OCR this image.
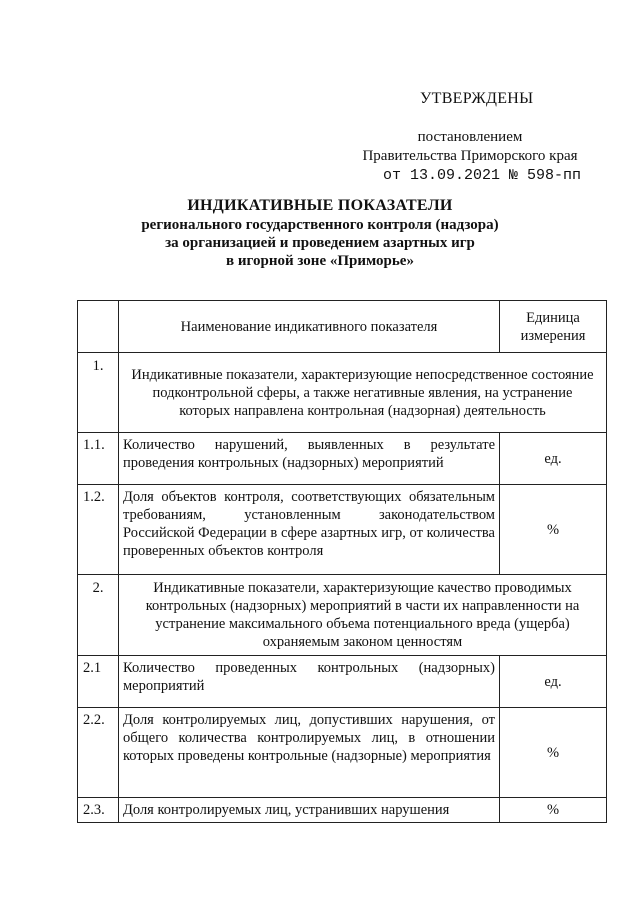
УТВЕРЖДЕНЫ
постановлением
Правительства Приморского края
от 13.09.2021 № 598-пп
ИНДИКАТИВНЫЕ ПОКАЗАТЕЛИ
регионального государственного контроля (надзора)
за организацией и проведением азартных игр
в игорной зоне «Приморье»
	Наименование индикативного показателя	Единица измерения
1.	Индикативные показатели, характеризующие непосредственное состояние подконтрольной сферы, а также негативные явления, на устранение которых направлена контрольная (надзорная) деятельность	
1.1.	Количество нарушений, выявленных в результате проведения контрольных (надзорных) мероприятий	ед.
1.2.	Доля объектов контроля, соответствующих обязательным требованиям, установленным законодательством Российской Федерации в сфере азартных игр, от количества проверенных объектов контроля	%
2.	Индикативные показатели, характеризующие качество проводимых контрольных (надзорных) мероприятий в части их направленности на устранение максимального объема потенциального вреда (ущерба) охраняемым законом ценностям	
2.1	Количество проведенных контрольных (надзорных) мероприятий	ед.
2.2.	Доля контролируемых лиц, допустивших нарушения, от общего количества контролируемых лиц, в отношении которых проведены контрольные (надзорные) мероприятия	%
2.3.	Доля контролируемых лиц, устранивших нарушения	%
